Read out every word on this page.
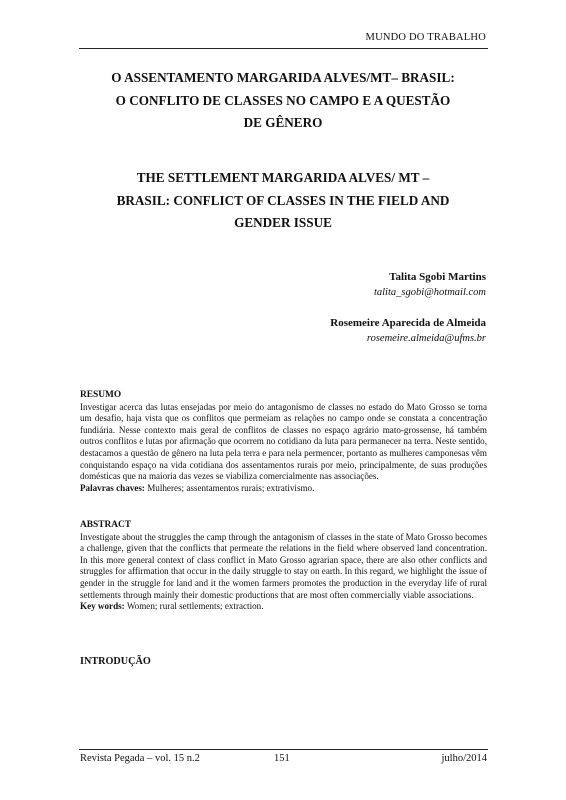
MUNDO DO TRABALHO
O ASSENTAMENTO MARGARIDA ALVES/MT– BRASIL:
O CONFLITO DE CLASSES NO CAMPO E A QUESTÃO
DE GÊNERO
THE SETTLEMENT MARGARIDA ALVES/ MT –
BRASIL: CONFLICT OF CLASSES IN THE FIELD AND
GENDER ISSUE
Talita Sgobi Martins
talita_sgobi@hotmail.com
Rosemeire Aparecida de Almeida
rosemeire.almeida@ufms.br
RESUMO
Investigar acerca das lutas ensejadas por meio do antagonismo de classes no estado do Mato Grosso se torna um desafio, haja vista que os conflitos que permeiam as relações no campo onde se constata a concentração fundiária. Nesse contexto mais geral de conflitos de classes no espaço agrário mato-grossense, há também outros conflitos e lutas por afirmação que ocorrem no cotidiano da luta para permanecer na terra. Neste sentido, destacamos a questão de gênero na luta pela terra e para nela permencer, portanto as mulheres camponesas vêm conquistando espaço na vida cotidiana dos assentamentos rurais por meio, principalmente, de suas produções domésticas que na maioria das vezes se viabiliza comercialmente nas associações.
Palavras chaves: Mulheres; assentamentos rurais; extrativismo.
ABSTRACT
Investigate about the struggles the camp through the antagonism of classes in the state of Mato Grosso becomes a challenge, given that the conflicts that permeate the relations in the field where observed land concentration. In this more general context of class conflict in Mato Grosso agrarian space, there are also other conflicts and struggles for affirmation that occur in the daily struggle to stay on earth. In this regard, we highlight the issue of gender in the struggle for land and it the women farmers promotes the production in the everyday life of rural settlements through mainly their domestic productions that are most often commercially viable associations.
Key words: Women; rural settlements; extraction.
INTRODUÇÃO
Revista Pegada – vol. 15 n.2	151	julho/2014
